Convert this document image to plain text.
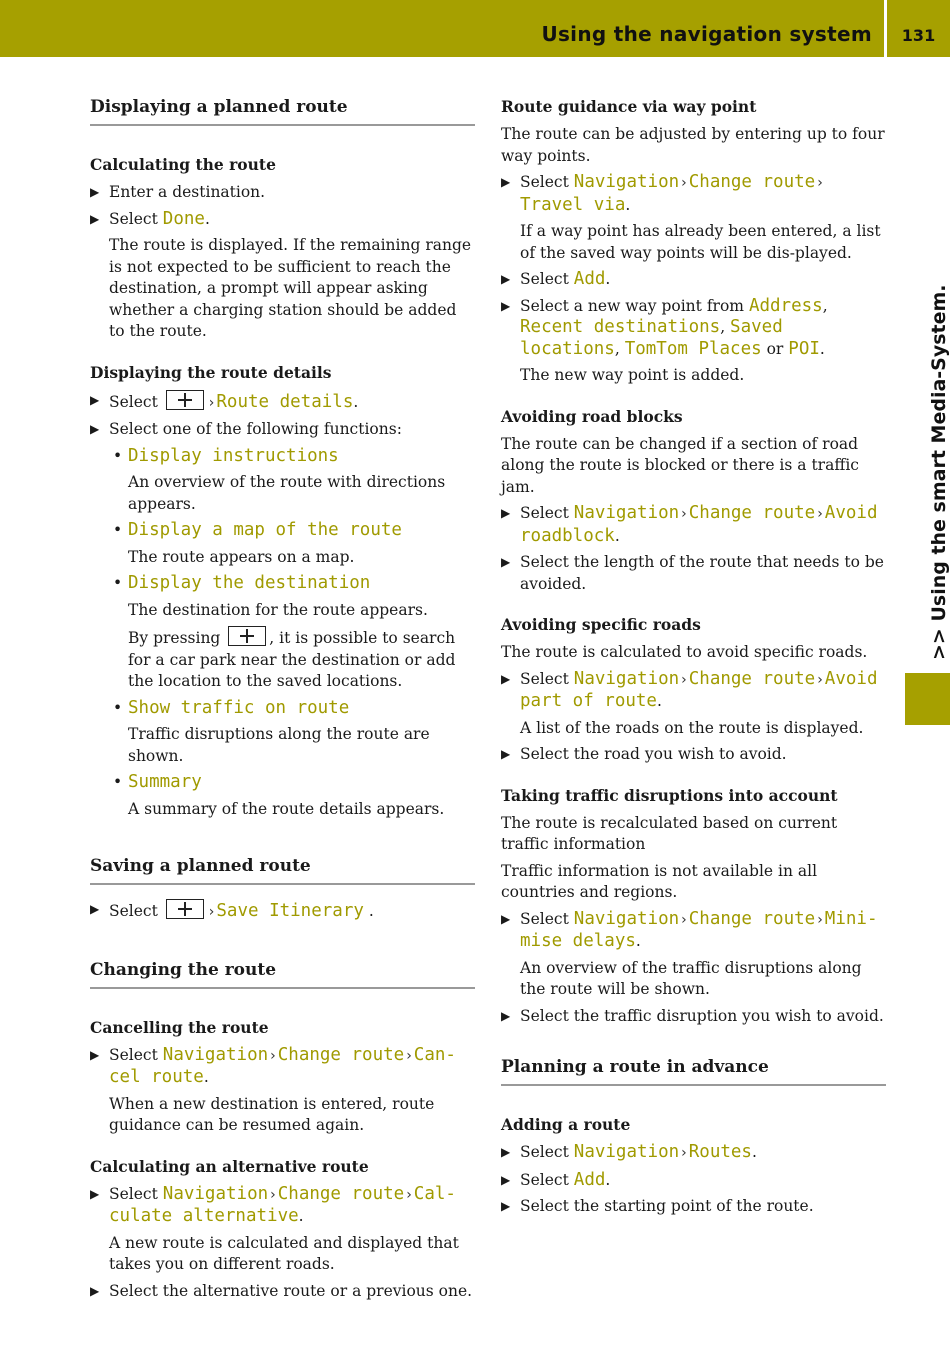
Using the navigation system	131
>> Using the smart Media-System.
Displaying a planned route
Calculating the route
▶ Enter a destination.
▶ Select Done.
The route is displayed. If the remaining range is not expected to be sufficient to reach the destination, a prompt will appear asking whether a charging station should be added to the route.
Displaying the route details
▶ Select	› Route details.
▶ Select one of the following functions:
• Display instructions
An overview of the route with directions appears.
• Display a map of the route
The route appears on a map.
• Display the destination
The destination for the route appears.
By pressing	, it is possible to search for a car park near the destination or add the location to the saved locations.
• Show traffic on route
Traffic disruptions along the route are shown.
• Summary
A summary of the route details appears.
Saving a planned route
▶ Select	› Save Itinerary .
Changing the route
Cancelling the route
▶ Select Navigation › Change route › Can-
cel route.
When a new destination is entered, route guidance can be resumed again.
Calculating an alternative route
▶ Select Navigation › Change route › Cal-
culate alternative.
A new route is calculated and displayed that takes you on different roads.
▶ Select the alternative route or a previous one.
Route guidance via way point
The route can be adjusted by entering up to four way points.
▶ Select Navigation › Change route ›
Travel via.
If a way point has already been entered, a list of the saved way points will be dis-played.
▶ Select Add.
▶ Select a new way point from Address, Recent destinations, Saved locations, TomTom Places or POI.
The new way point is added.
Avoiding road blocks
The route can be changed if a section of road along the route is blocked or there is a traffic jam.
▶ Select Navigation › Change route › Avoid
roadblock.
▶ Select the length of the route that needs to be avoided.
Avoiding specific roads
The route is calculated to avoid specific roads.
▶ Select Navigation › Change route › Avoid
part of route.
A list of the roads on the route is displayed.
▶ Select the road you wish to avoid.
Taking traffic disruptions into account
The route is recalculated based on current traffic information
Traffic information is not available in all countries and regions.
▶ Select Navigation › Change route › Mini-
mise delays.
An overview of the traffic disruptions along the route will be shown.
▶ Select the traffic disruption you wish to avoid.
Planning a route in advance
Adding a route
▶ Select Navigation › Routes.
▶ Select Add.
▶ Select the starting point of the route.
